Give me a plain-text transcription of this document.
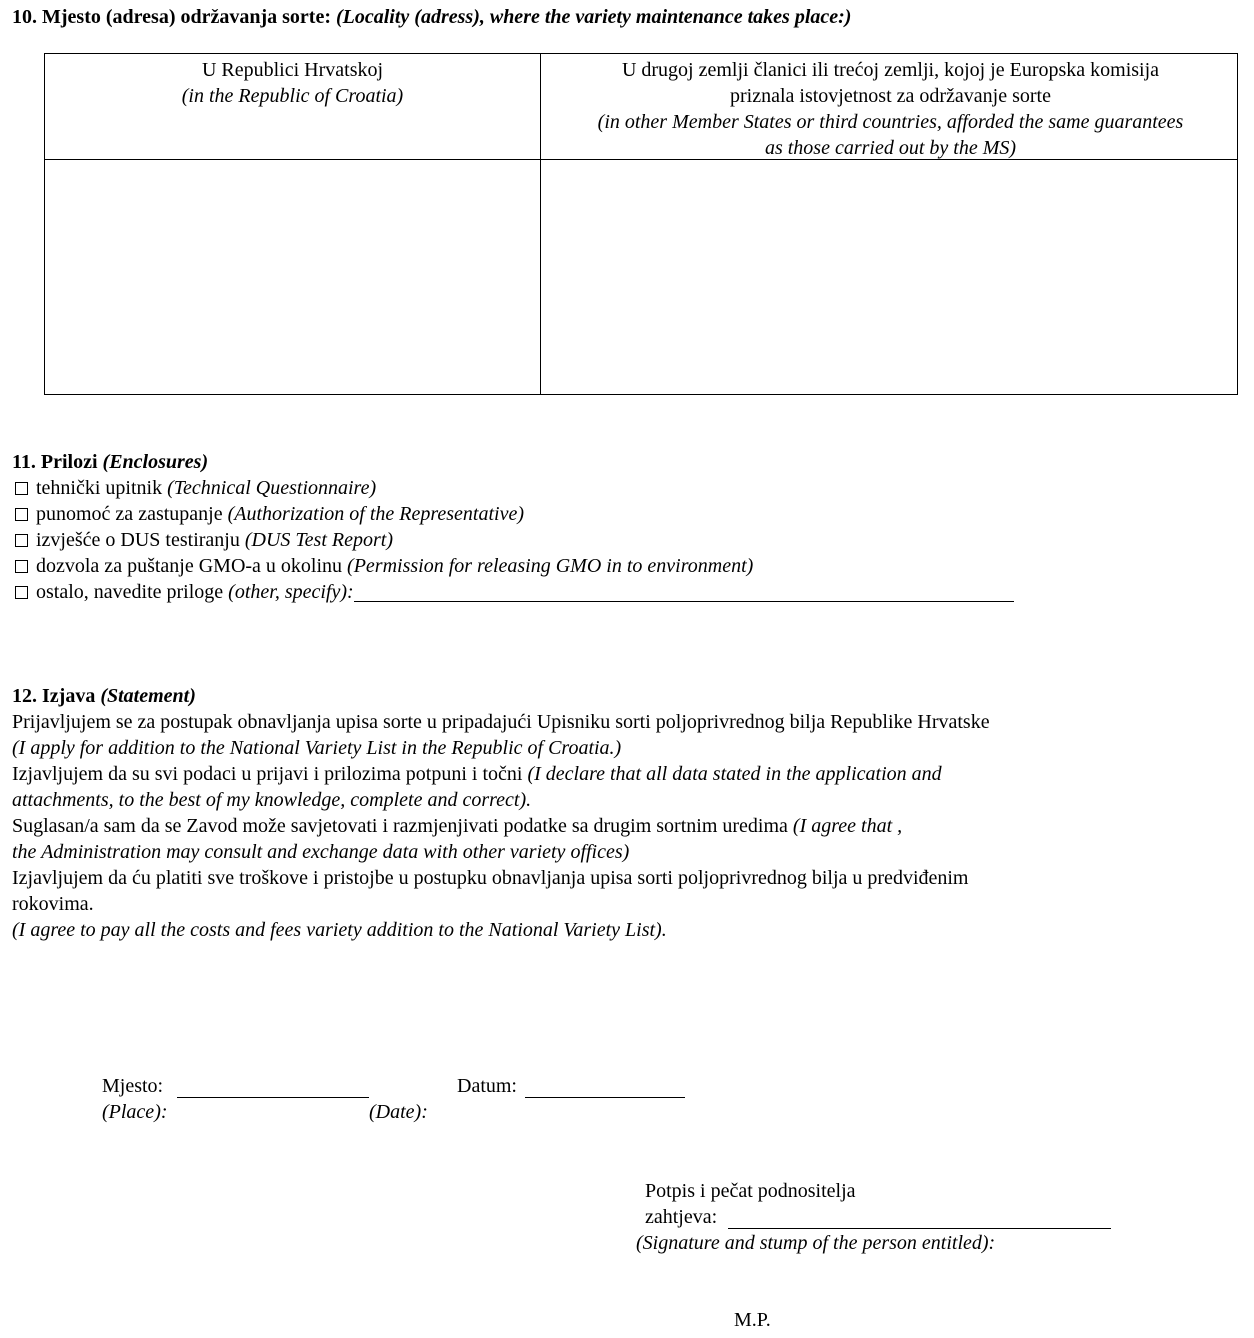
10. Mjesto (adresa) održavanja sorte: (Locality (adress), where the variety maintenance takes place:)
U Republici Hrvatskoj
(in the Republic of Croatia)
U drugoj zemlji članici ili trećoj zemlji, kojoj je Europska komisija
priznala istovjetnost za održavanje sorte
(in other Member States or third countries, afforded the same guarantees
as those carried out by the MS)
11. Prilozi (Enclosures)
tehnički upitnik
(Technical Questionnaire)
punomoć za zastupanje
(Authorization of the Representative)
izvješće o DUS testiranju
(DUS Test Report)
dozvola za puštanje GMO-a u okolinu
(Permission for releasing GMO in to environment)
ostalo, navedite priloge
(other, specify):

12. Izjava (Statement)

Prijavljujem se za postupak obnavljanja upisa sorte u pripadajući Upisniku sorti poljoprivrednog bilja Republike Hrvatske

(I apply for addition to the National Variety List in the Republic of Croatia.)

Izjavljujem da su svi podaci u prijavi i prilozima potpuni i točni (I declare that all data stated in the application and

attachments, to the best of my knowledge, complete and correct).

Suglasan/a sam da se Zavod može savjetovati i razmjenjivati podatke sa drugim sortnim uredima (I agree that ,

the Administration may consult and exchange data with other variety offices)

Izjavljujem da ću platiti sve troškove i pristojbe u postupku obnavljanja upisa sorti poljoprivrednog bilja u predviđenim

rokovima.

(I agree to pay all the costs and fees variety addition to the National Variety List).

Mjesto:	Datum:
(Place):	(Date):
Potpis i pečat podnositelja
zahtjeva:
(Signature and stump of the person entitled):
M.P.
